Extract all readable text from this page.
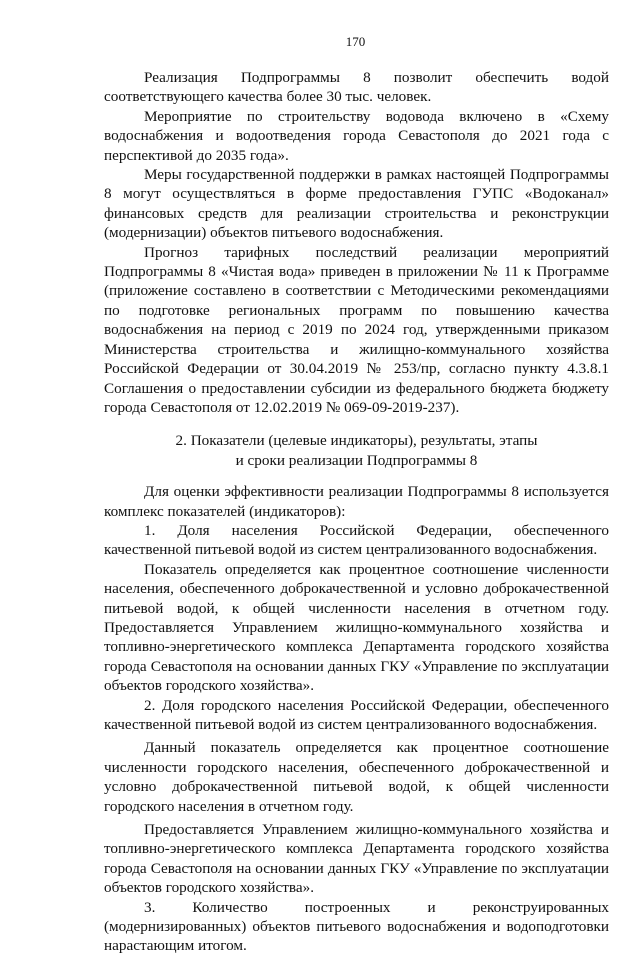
170

Реализация Подпрограммы 8 позволит обеспечить водой соответствующего качества более 30 тыс. человек.

Мероприятие по строительству водовода включено в «Схему водоснабжения и водоотведения города Севастополя до 2021 года с перспективой до 2035 года».

Меры государственной поддержки в рамках настоящей Подпрограммы 8 могут осуществляться в форме предоставления ГУПС «Водоканал» финансовых средств для реализации строительства и реконструкции (модернизации) объектов питьевого водоснабжения.

Прогноз тарифных последствий реализации мероприятий Подпрограммы 8 «Чистая вода» приведен в приложении № 11 к Программе (приложение составлено в соответствии с Методическими рекомендациями по подготовке региональных программ по повышению качества водоснабжения на период с 2019 по 2024 год, утвержденными приказом Министерства строительства и жилищно-коммунального хозяйства Российской Федерации от 30.04.2019 № 253/пр, согласно пункту 4.3.8.1 Соглашения о предоставлении субсидии из федерального бюджета бюджету города Севастополя от 12.02.2019 № 069-09-2019-237).

2. Показатели (целевые индикаторы), результаты, этапы
и сроки реализации Подпрограммы 8

Для оценки эффективности реализации Подпрограммы 8 используется комплекс показателей (индикаторов):

1. Доля населения Российской Федерации, обеспеченного качественной питьевой водой из систем централизованного водоснабжения.

Показатель определяется как процентное соотношение численности населения, обеспеченного доброкачественной и условно доброкачественной питьевой водой, к общей численности населения в отчетном году. Предоставляется Управлением жилищно-коммунального хозяйства и топливно-энергетического комплекса Департамента городского хозяйства города Севастополя на основании данных ГКУ «Управление по эксплуатации объектов городского хозяйства».

2. Доля городского населения Российской Федерации, обеспеченного качественной питьевой водой из систем централизованного водоснабжения.

Данный показатель определяется как процентное соотношение численности городского населения, обеспеченного доброкачественной и условно доброкачественной питьевой водой, к общей численности городского населения в отчетном году.

Предоставляется Управлением жилищно-коммунального хозяйства и топливно-энергетического комплекса Департамента городского хозяйства города Севастополя на основании данных ГКУ «Управление по эксплуатации объектов городского хозяйства».

3. Количество построенных и реконструированных (модернизированных) объектов питьевого водоснабжения и водоподготовки нарастающим итогом.
